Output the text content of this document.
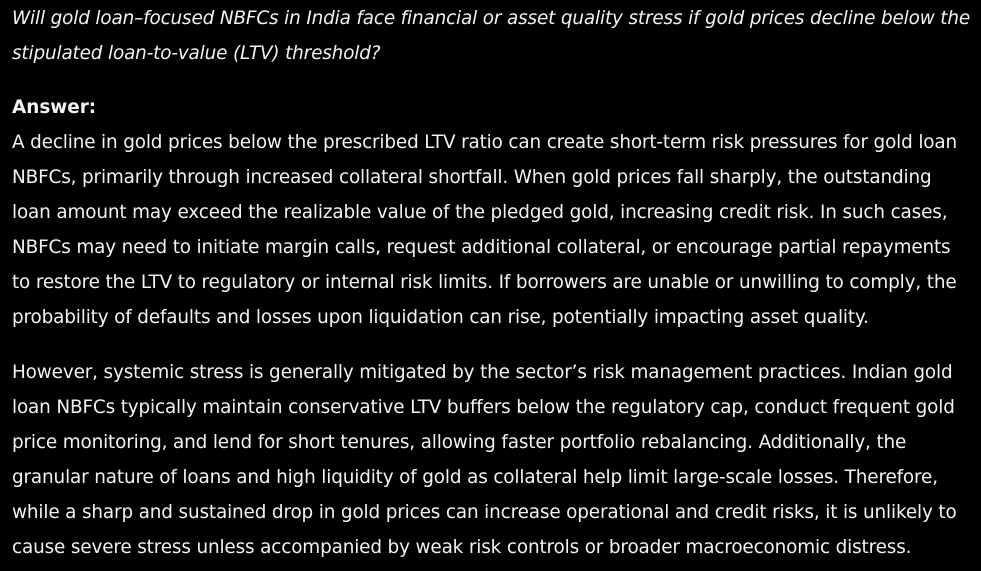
Will gold loan–focused NBFCs in India face financial or asset quality stress if gold prices decline below the stipulated loan-to-value (LTV) threshold?

Answer:

A decline in gold prices below the prescribed LTV ratio can create short-term risk pressures for gold loan NBFCs, primarily through increased collateral shortfall. When gold prices fall sharply, the outstanding loan amount may exceed the realizable value of the pledged gold, increasing credit risk. In such cases, NBFCs may need to initiate margin calls, request additional collateral, or encourage partial repayments to restore the LTV to regulatory or internal risk limits. If borrowers are unable or unwilling to comply, the probability of defaults and losses upon liquidation can rise, potentially impacting asset quality.

However, systemic stress is generally mitigated by the sector’s risk management practices. Indian gold loan NBFCs typically maintain conservative LTV buffers below the regulatory cap, conduct frequent gold price monitoring, and lend for short tenures, allowing faster portfolio rebalancing. Additionally, the granular nature of loans and high liquidity of gold as collateral help limit large-scale losses. Therefore, while a sharp and sustained drop in gold prices can increase operational and credit risks, it is unlikely to cause severe stress unless accompanied by weak risk controls or broader macroeconomic distress.
